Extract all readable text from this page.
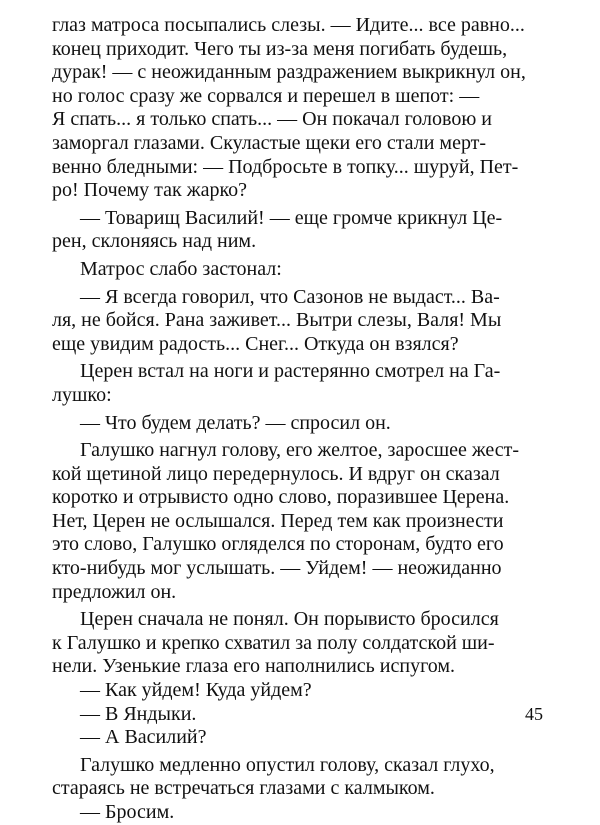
глаз матроса посыпались слезы. — Идите... все равно...
конец приходит. Чего ты из-за меня погибать будешь,
дурак! — с неожиданным раздражением выкрикнул он,
но голос сразу же сорвался и перешел в шепот: —
Я спать... я только спать... — Он покачал головою и
заморгал глазами. Скуластые щеки его стали мерт-
венно бледными: — Подбросьте в топку... шуруй, Пет-
ро! Почему так жарко?
— Товарищ Василий! — еще громче крикнул Це-
рен, склоняясь над ним.
Матрос слабо застонал:
— Я всегда говорил, что Сазонов не выдаст... Ва-
ля, не бойся. Рана заживет... Вытри слезы, Валя! Мы
еще увидим радость... Снег... Откуда он взялся?
Церен встал на ноги и растерянно смотрел на Га-
лушко:
— Что будем делать? — спросил он.
Галушко нагнул голову, его желтое, заросшее жест-
кой щетиной лицо передернулось. И вдруг он сказал
коротко и отрывисто одно слово, поразившее Церена.
Нет, Церен не ослышался. Перед тем как произнести
это слово, Галушко огляделся по сторонам, будто его
кто-нибудь мог услышать. — Уйдем! — неожиданно
предложил он.
Церен сначала не понял. Он порывисто бросился
к Галушко и крепко схватил за полу солдатской ши-
нели. Узенькие глаза его наполнились испугом.
— Как уйдем! Куда уйдем?
— В Яндыки.
— А Василий?
Галушко медленно опустил голову, сказал глухо,
стараясь не встречаться глазами с калмыком.
— Бросим.
45
